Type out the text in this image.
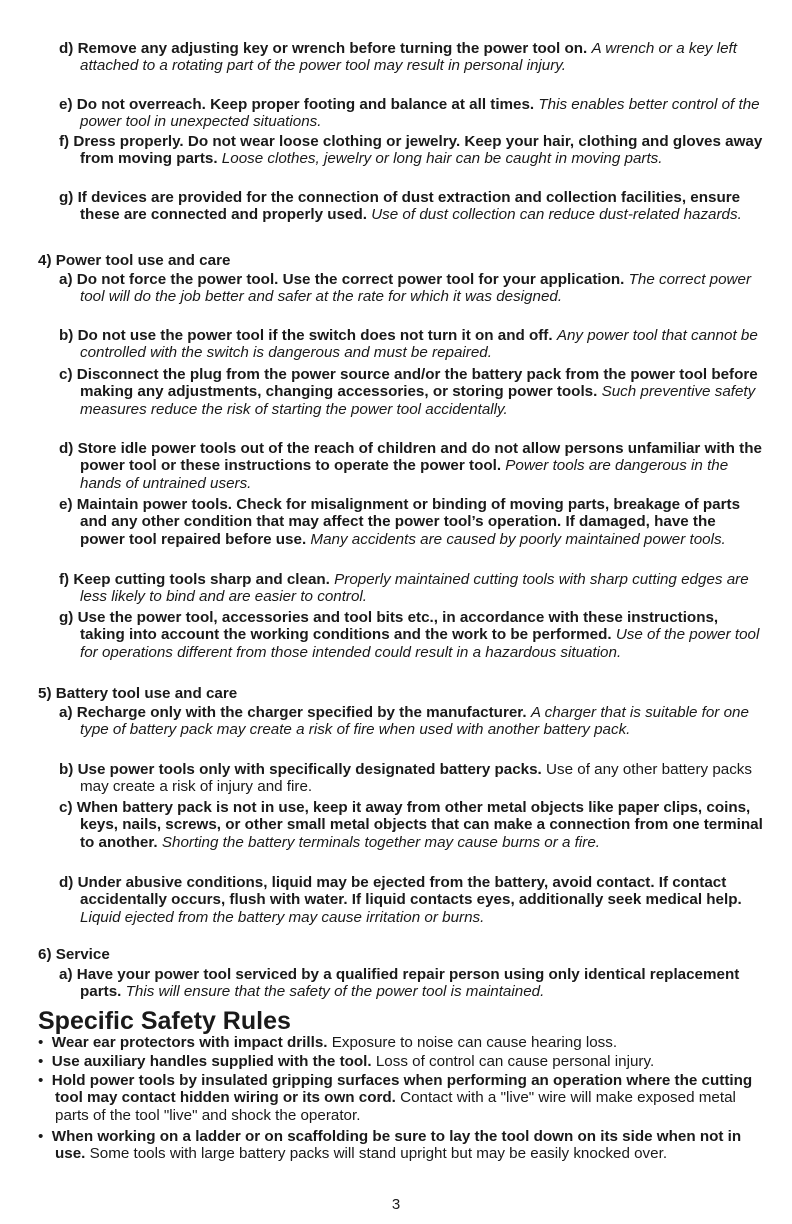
d) Remove any adjusting key or wrench before turning the power tool on. A wrench or a key left attached to a rotating part of the power tool may result in personal injury.
e) Do not overreach. Keep proper footing and balance at all times. This enables better control of the power tool in unexpected situations.
f) Dress properly. Do not wear loose clothing or jewelry. Keep your hair, clothing and gloves away from moving parts. Loose clothes, jewelry or long hair can be caught in moving parts.
g) If devices are provided for the connection of dust extraction and collection facilities, ensure these are connected and properly used. Use of dust collection can reduce dust-related hazards.
4) Power tool use and care
a) Do not force the power tool. Use the correct power tool for your application. The correct power tool will do the job better and safer at the rate for which it was designed.
b) Do not use the power tool if the switch does not turn it on and off. Any power tool that cannot be controlled with the switch is dangerous and must be repaired.
c) Disconnect the plug from the power source and/or the battery pack from the power tool before making any adjustments, changing accessories, or storing power tools. Such preventive safety measures reduce the risk of starting the power tool accidentally.
d) Store idle power tools out of the reach of children and do not allow persons unfamiliar with the power tool or these instructions to operate the power tool. Power tools are dangerous in the hands of untrained users.
e) Maintain power tools. Check for misalignment or binding of moving parts, breakage of parts and any other condition that may affect the power tool’s operation. If damaged, have the power tool repaired before use. Many accidents are caused by poorly maintained power tools.
f) Keep cutting tools sharp and clean. Properly maintained cutting tools with sharp cutting edges are less likely to bind and are easier to control.
g) Use the power tool, accessories and tool bits etc., in accordance with these instructions, taking into account the working conditions and the work to be performed. Use of the power tool for operations different from those intended could result in a hazardous situation.
5) Battery tool use and care
a) Recharge only with the charger specified by the manufacturer. A charger that is suitable for one type of battery pack may create a risk of fire when used with another battery pack.
b) Use power tools only with specifically designated battery packs. Use of any other battery packs may create a risk of injury and fire.
c) When battery pack is not in use, keep it away from other metal objects like paper clips, coins, keys, nails, screws, or other small metal objects that can make a connection from one terminal to another. Shorting the battery terminals together may cause burns or a fire.
d) Under abusive conditions, liquid may be ejected from the battery, avoid contact. If contact accidentally occurs, flush with water. If liquid contacts eyes, additionally seek medical help. Liquid ejected from the battery may cause irritation or burns.
6) Service
a) Have your power tool serviced by a qualified repair person using only identical replacement parts. This will ensure that the safety of the power tool is maintained.
Specific Safety Rules
• Wear ear protectors with impact drills. Exposure to noise can cause hearing loss.
• Use auxiliary handles supplied with the tool. Loss of control can cause personal injury.
• Hold power tools by insulated gripping surfaces when performing an operation where the cutting tool may contact hidden wiring or its own cord. Contact with a "live" wire will make exposed metal parts of the tool "live" and shock the operator.
• When working on a ladder or on scaffolding be sure to lay the tool down on its side when not in use. Some tools with large battery packs will stand upright but may be easily knocked over.
3
